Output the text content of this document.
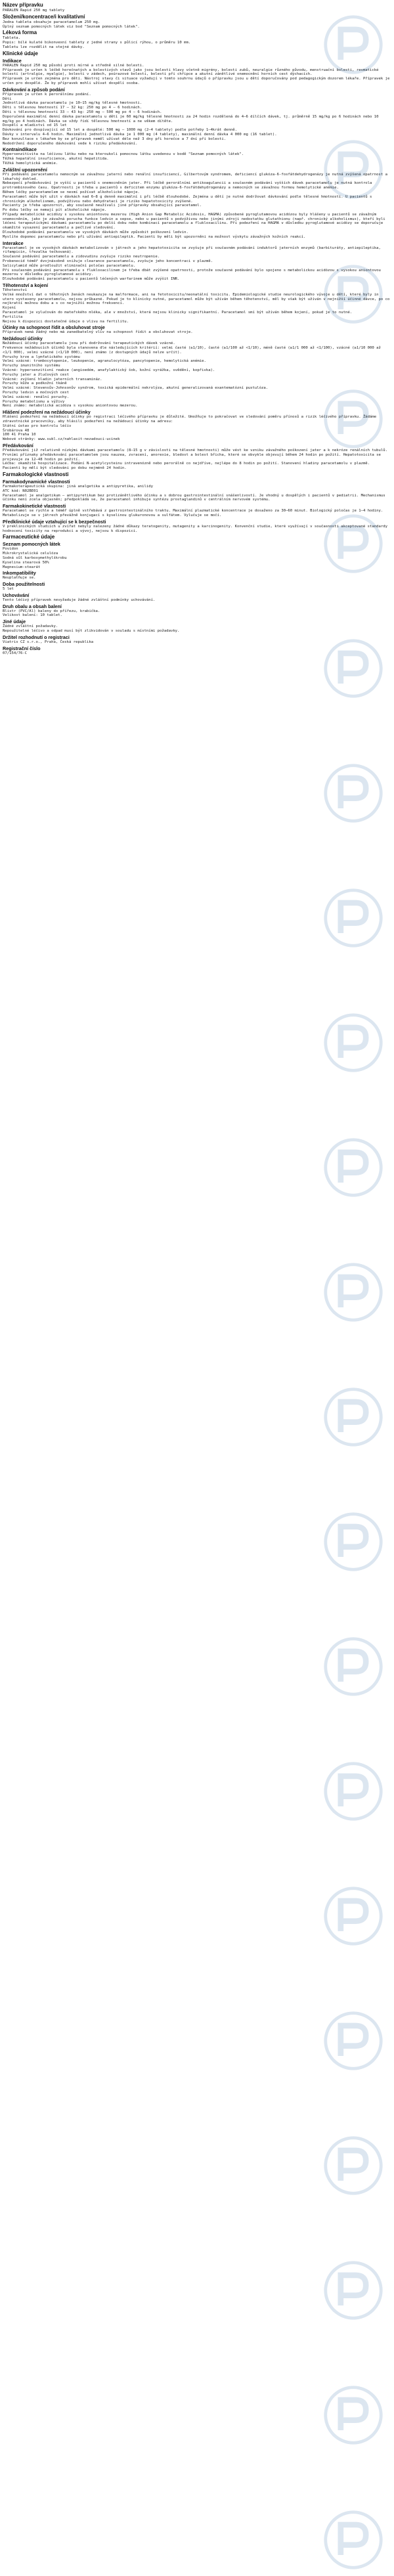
Název přípravku

PARALEN Rapid 250 mg tablety

Složení/koncentrace/i kvalitativní

Jedna tableta obsahuje paracetamolum 250 mg.

Úplný seznam pomocných látek viz bod "Seznam pomocných látek".

Léková forma

Tableta.

Popis: bílé kulaté bikonvexní tablety z jedné strany s půlicí rýhou, o průměru 10 mm.

Tabletu lze rozdělit na stejné dávky.

Klinické údaje
Indikace

PARALEN Rapid 250 mg působí proti mírné a středně silné bolesti.

Přípravek je určen k léčbě horečnatých a bolestivých stavů jako jsou bolesti hlavy včetně migrény, bolesti zubů, neuralgie různého původu, menstruační bolesti, revmatické bolesti (artralgie, myalgie), bolesti v zádech, poúrazové bolesti, bolesti při chřipce a akutní zánětlivé onemocnění horních cest dýchacích.

Přípravek je určen zejména pro děti. Nástroj stavy či situace vyžadují v tomto souhrnu údajů o přípravku jsou u dětí doporučovány pod pedagogickým dozorem lékaře. Přípravek je určen pro dospělé. Že by přípravek mohli užívat dospělí osoba.

Dávkování a způsob podání

Přípravek je určen k perorálnímu podání.

Děti

Jednotlivá dávka paracetamolu je 10–15 mg/kg tělesné hmotnosti.

Děti s tělesnou hmotností 17 – 32 kg: 250 mg po 4 – 6 hodinách.

Děti s tělesnou hmotností 33 – 43 kg: 250 mg – 500 mg po 4 – 6 hodinách.

Doporučená maximální denní dávka paracetamolu u dětí je 60 mg/kg tělesné hmotnosti za 24 hodin rozdělená do 4–6 dílčích dávek, tj. průměrně 15 mg/kg po 6 hodinách nebo 10 mg/kg po 4 hodinách. Dávka se vždy řídí tělesnou hmotností a ne věkem dítěte.

Dospělí a mladiství od 15 let

Dávkování pro dospívající od 15 let a dospělé: 500 mg – 1000 mg (2–4 tablety) podle potřeby 1–4krát denně.

Dávky v intervalu 4–6 hodin. Maximální jednotlivá dávka je 1 000 mg (4 tablety), maximální denní dávka 4 000 mg (16 tablet).

Bez konzultace s lékařem by se přípravek neměl užívat déle než 3 dny při horečce a 7 dní při bolesti.

Nedodržení doporučeného dávkování vede k riziku předávkování.

Kontraindikace

Hypersenzitivita na léčivou látku nebo na kteroukoli pomocnou látku uvedenou v bodě "Seznam pomocných látek".

Těžká hepatální insuficience, akutní hepatitida.

Těžká hemolytická anémie.

Zvláštní upozornění

Při podávání paracetamolu nemocným se závažnou jaterní nebo renální insuficiencí, Gilbertovým syndromem, deficiencí glukóza-6-fosfátdehydrogenázy je nutná zvýšená opatrnost a lékařský dohled.

Nebezpečí předávkování je vyšší u pacientů s onemocněním jater. Při léčbě perorálními antikoagulancii a současném podávání vyšších dávek paracetamolu je nutná kontrola protrombinového času. Opatrnosti je třeba u pacientů s deficitem enzymu glukóza-6-fosfátdehydrogenázy a nemocných se závažnou formou hemolytické anémie.

Během léčby paracetamolem se nesmí požívat alkoholické nápoje.

Paracetamol může být užit v dávkách nad 6–8 g denně maximální i při léčbě dlouhodobé. Zejména u dětí je nutné dodržovat dávkování podle tělesné hmotnosti. U pacientů s chronickým alkoholismem, podvýživou nebo dehydratací je riziko hepatotoxicity zvýšené.

Pacienty je třeba upozornit, aby současně neužívali jiné přípravky obsahující paracetamol.

Po dobu léčby se nemají pít alkoholické nápoje.

Případy metabolické acidózy s vysokou aniontovou mezerou (High Anion Gap Metabolic Acidosis, HAGMA) způsobené pyroglutamovou acidózou byly hlášeny u pacientů se závažným onemocněním, jako je závažná porucha funkce ledvin a sepse, nebo u pacientů s podvýživou nebo jinými zdroji nedostatku glutathionu (např. chronický alkoholismus), kteří byli léčeni terapeutickými dávkami paracetamolu po delší dobu nebo kombinací paracetamolu a flukloxacilinu. Při podezření na HAGMA v důsledku pyroglutamové acidózy se doporučuje okamžité vysazení paracetamolu a pečlivé sledování.

Dlouhodobé podávání paracetamolu ve vysokých dávkách může způsobit poškození ledvin.

Myslíte dopomoc paracetamolu nebo při užívání antiepileptik. Pacienti by měli být upozorněni na možnost výskytu závažných kožních reakcí.

Interakce

Paracetamol je ve vysokých dávkách metabolizován v játrech a jeho hepatotoxicita se zvyšuje při současném podávání induktorů jaterních enzymů (barbituráty, antiepileptika, rifampicin, třezalka tečkovaná).

Současné podávání paracetamolu a zidovudinu zvyšuje riziko neutropenie.

Probenecid téměř dvojnásobně snižuje clearance paracetamolu, zvyšuje jeho koncentraci v plazmě.

Salicylamid může prodloužit eliminační poločas paracetamolu.

Při současném podávání paracetamolu s flukloxacilinem je třeba dbát zvýšené opatrnosti, protože současné podávání bylo spojeno s metabolickou acidózou s vysokou aniontovou mezerou v důsledku pyroglutamové acidózy.

Dlouhodobé podávání paracetamolu u pacientů léčených warfarinem může zvýšit INR.

Těhotenství a kojení

Těhotenství

Velké množství dat o těhotných ženách neukazuje na malformace, ani na fetotoxicitu/neonatální toxicitu. Epidemiologické studie neurologického vývoje u dětí, které byly in utero vystaveny paracetamolu, nejsou průkazné. Pokud je to klinicky nutné, paracetamol může být užíván během těhotenství, měl by však být užíván v nejnižší účinné dávce, po co nejkratší možnou dobu a s co nejnižší možnou frekvencí.

Kojení

Paracetamol je vylučován do mateřského mléka, ale v množství, která nejsou klinicky signifikantní. Paracetamol smí být užíván během kojení, pokud je to nutné.

Fertilita

Nejsou k dispozici dostatečné údaje o vlivu na fertilitu.

Účinky na schopnost řídit a obsluhovat stroje

Přípravek nemá žádný nebo má zanedbatelný vliv na schopnost řídit a obsluhovat stroje.

Nežádoucí účinky

Nežádoucí účinky paracetamolu jsou při dodržování terapeutických dávek vzácné.

Frekvence nežádoucích účinků byla stanovena dle následujících kritérií: velmi časté (≥1/10), časté (≥1/100 až <1/10), méně časté (≥1/1 000 až <1/100), vzácné (≥1/10 000 až <1/1 000), velmi vzácné (<1/10 000), není známo (z dostupných údajů nelze určit).

Poruchy krve a lymfatického systému

Velmi vzácné: trombocytopenie, leukopenie, agranulocytóza, pancytopenie, hemolytická anémie.

Poruchy imunitního systému

Vzácné: hypersenzitivní reakce (angioedém, anafylaktický šok, kožní vyrážka, svědění, kopřivka).

Poruchy jater a žlučových cest

Vzácné: zvýšení hladin jaterních transamináz.

Poruchy kůže a podkožní tkáně

Velmi vzácné: Stevensův-Johnsonův syndrom, toxická epidermální nekrolýza, akutní generalizovaná exantematózní pustulóza.

Poruchy ledvin a močových cest

Velmi vzácné: renální poruchy.

Poruchy metabolismu a výživy

Není známo: metabolická acidóza s vysokou aniontovou mezerou.

Hlášení podezření na nežádoucí účinky

Hlášení podezření na nežádoucí účinky po registraci léčivého přípravku je důležité. Umožňuje to pokračovat ve sledování poměru přínosů a rizik léčivého přípravku. Žádáme zdravotnické pracovníky, aby hlásili podezření na nežádoucí účinky na adresu:

Státní ústav pro kontrolu léčiv

Šrobárova 48

100 41 Praha 10

Webové stránky: www.sukl.cz/nahlasit-nezadouci-ucinek

Předávkování

Předávkování již relativně nízkými dávkami paracetamolu (8–15 g v závislosti na tělesné hmotnosti) může vést ke vzniku závažného poškození jater a k nekróze renálních tubulů.

Prvními příznaky předávkování paracetamolem jsou nauzea, zvracení, anorexie, bledost a bolest břicha, které se obvykle objevují během 24 hodin po požití. Hepatotoxicita se projevuje za 12–48 hodin po požití.

Léčba: okamžitá hospitalizace. Podání N-acetylcysteinu intravenózně nebo perorálně co nejdříve, nejlépe do 8 hodin po požití. Stanovení hladiny paracetamolu v plazmě.

Pacienti by měli být sledováni po dobu nejméně 24 hodin.

Farmakologické vlastnosti
Farmakodynamické vlastnosti

Farmakoterapeutická skupina: jiná analgetika a antipyretika, anilidy

ATC kód: N02BE01

Paracetamol je analgetikum – antipyretikum bez protizánětlivého účinku a s dobrou gastrointestinální snášenlivostí. Je vhodný u dospělých i pacientů v pediatrii. Mechanismus účinku není zcela objasněn; předpokládá se, že paracetamol inhibuje syntézu prostaglandinů v centrálním nervovém systému.

Farmakokinetické vlastnosti

Paracetamol se rychle a téměř úplně vstřebává z gastrointestinálního traktu. Maximální plazmatické koncentrace je dosaženo za 30–60 minut. Biologický poločas je 1–4 hodiny. Metabolizuje se v játrech převážně konjugací s kyselinou glukuronovou a sulfátem. Vylučuje se močí.

Předklinické údaje vztahující se k bezpečnosti

V preklinických studiích u zvířat nebyly nalezeny žádné důkazy teratogenity, mutagenity a karcinogenity. Konvenční studie, které využívají v současnosti akceptované standardy hodnocení toxicity na reprodukci a vývoj, nejsou k dispozici.

Farmaceutické údaje
Seznam pomocných látek

Povidon

Mikrokrystalická celulóza

Sodná sůl karboxymethylškrobu

Kyselina stearová 50%

Magnesium-stearát

Inkompatibility

Neuplatňuje se.

Doba použitelnosti

5 let

Uchovávání

Tento léčivý přípravek nevyžaduje žádné zvláštní podmínky uchovávání.

Druh obalu a obsah balení

Blistr (PVC/Al) baleny do přířezu, krabička.

Velikost balení: 10 tablet.

Jiné údaje

Žádné zvláštní požadavky.

Nepoužitelné léčivo a odpad musí být zlikvidován v souladu s místními požadavky.

Držitel rozhodnutí o registraci

Viatris CZ s.r.o., Praha, Česká republika

Registrační číslo

07/154/76-C
